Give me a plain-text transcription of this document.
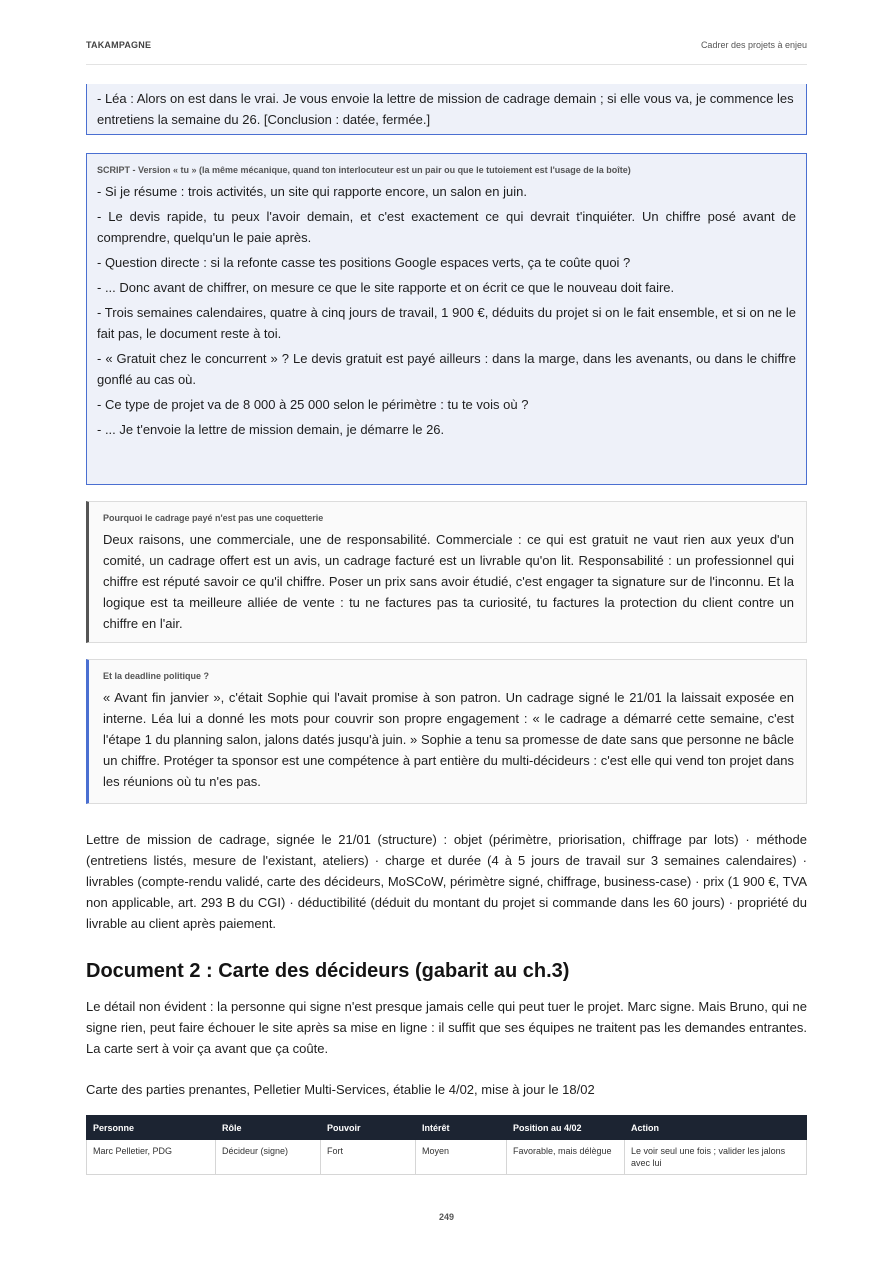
TAKAMPAGNE	Cadrer des projets à enjeu
- Léa : Alors on est dans le vrai. Je vous envoie la lettre de mission de cadrage demain ; si elle vous va, je commence les entretiens la semaine du 26. [Conclusion : datée, fermée.]
SCRIPT - Version « tu » (la même mécanique, quand ton interlocuteur est un pair ou que le tutoiement est l'usage de la boîte)
- Si je résume : trois activités, un site qui rapporte encore, un salon en juin.
- Le devis rapide, tu peux l'avoir demain, et c'est exactement ce qui devrait t'inquiéter. Un chiffre posé avant de comprendre, quelqu'un le paie après.
- Question directe : si la refonte casse tes positions Google espaces verts, ça te coûte quoi ?
- ... Donc avant de chiffrer, on mesure ce que le site rapporte et on écrit ce que le nouveau doit faire.
- Trois semaines calendaires, quatre à cinq jours de travail, 1 900 €, déduits du projet si on le fait ensemble, et si on ne le fait pas, le document reste à toi.
- « Gratuit chez le concurrent » ? Le devis gratuit est payé ailleurs : dans la marge, dans les avenants, ou dans le chiffre gonflé au cas où.
- Ce type de projet va de 8 000 à 25 000 selon le périmètre : tu te vois où ?
- ... Je t'envoie la lettre de mission demain, je démarre le 26.
Pourquoi le cadrage payé n'est pas une coquetterie
Deux raisons, une commerciale, une de responsabilité. Commerciale : ce qui est gratuit ne vaut rien aux yeux d'un comité, un cadrage offert est un avis, un cadrage facturé est un livrable qu'on lit. Responsabilité : un professionnel qui chiffre est réputé savoir ce qu'il chiffre. Poser un prix sans avoir étudié, c'est engager ta signature sur de l'inconnu. Et la logique est ta meilleure alliée de vente : tu ne factures pas ta curiosité, tu factures la protection du client contre un chiffre en l'air.
Et la deadline politique ?
« Avant fin janvier », c'était Sophie qui l'avait promise à son patron. Un cadrage signé le 21/01 la laissait exposée en interne. Léa lui a donné les mots pour couvrir son propre engagement : « le cadrage a démarré cette semaine, c'est l'étape 1 du planning salon, jalons datés jusqu'à juin. » Sophie a tenu sa promesse de date sans que personne ne bâcle un chiffre. Protéger ta sponsor est une compétence à part entière du multi-décideurs : c'est elle qui vend ton projet dans les réunions où tu n'es pas.
Lettre de mission de cadrage, signée le 21/01 (structure) : objet (périmètre, priorisation, chiffrage par lots) · méthode (entretiens listés, mesure de l'existant, ateliers) · charge et durée (4 à 5 jours de travail sur 3 semaines calendaires) · livrables (compte-rendu validé, carte des décideurs, MoSCoW, périmètre signé, chiffrage, business-case) · prix (1 900 €, TVA non applicable, art. 293 B du CGI) · déductibilité (déduit du montant du projet si commande dans les 60 jours) · propriété du livrable au client après paiement.
Document 2 : Carte des décideurs (gabarit au ch.3)
Le détail non évident : la personne qui signe n'est presque jamais celle qui peut tuer le projet. Marc signe. Mais Bruno, qui ne signe rien, peut faire échouer le site après sa mise en ligne : il suffit que ses équipes ne traitent pas les demandes entrantes. La carte sert à voir ça avant que ça coûte.
Carte des parties prenantes, Pelletier Multi-Services, établie le 4/02, mise à jour le 18/02
Personne	Rôle	Pouvoir	Intérêt	Position au 4/02	Action
Marc Pelletier, PDG	Décideur (signe)	Fort	Moyen	Favorable, mais délègue	Le voir seul une fois ; valider les jalons avec lui
249
